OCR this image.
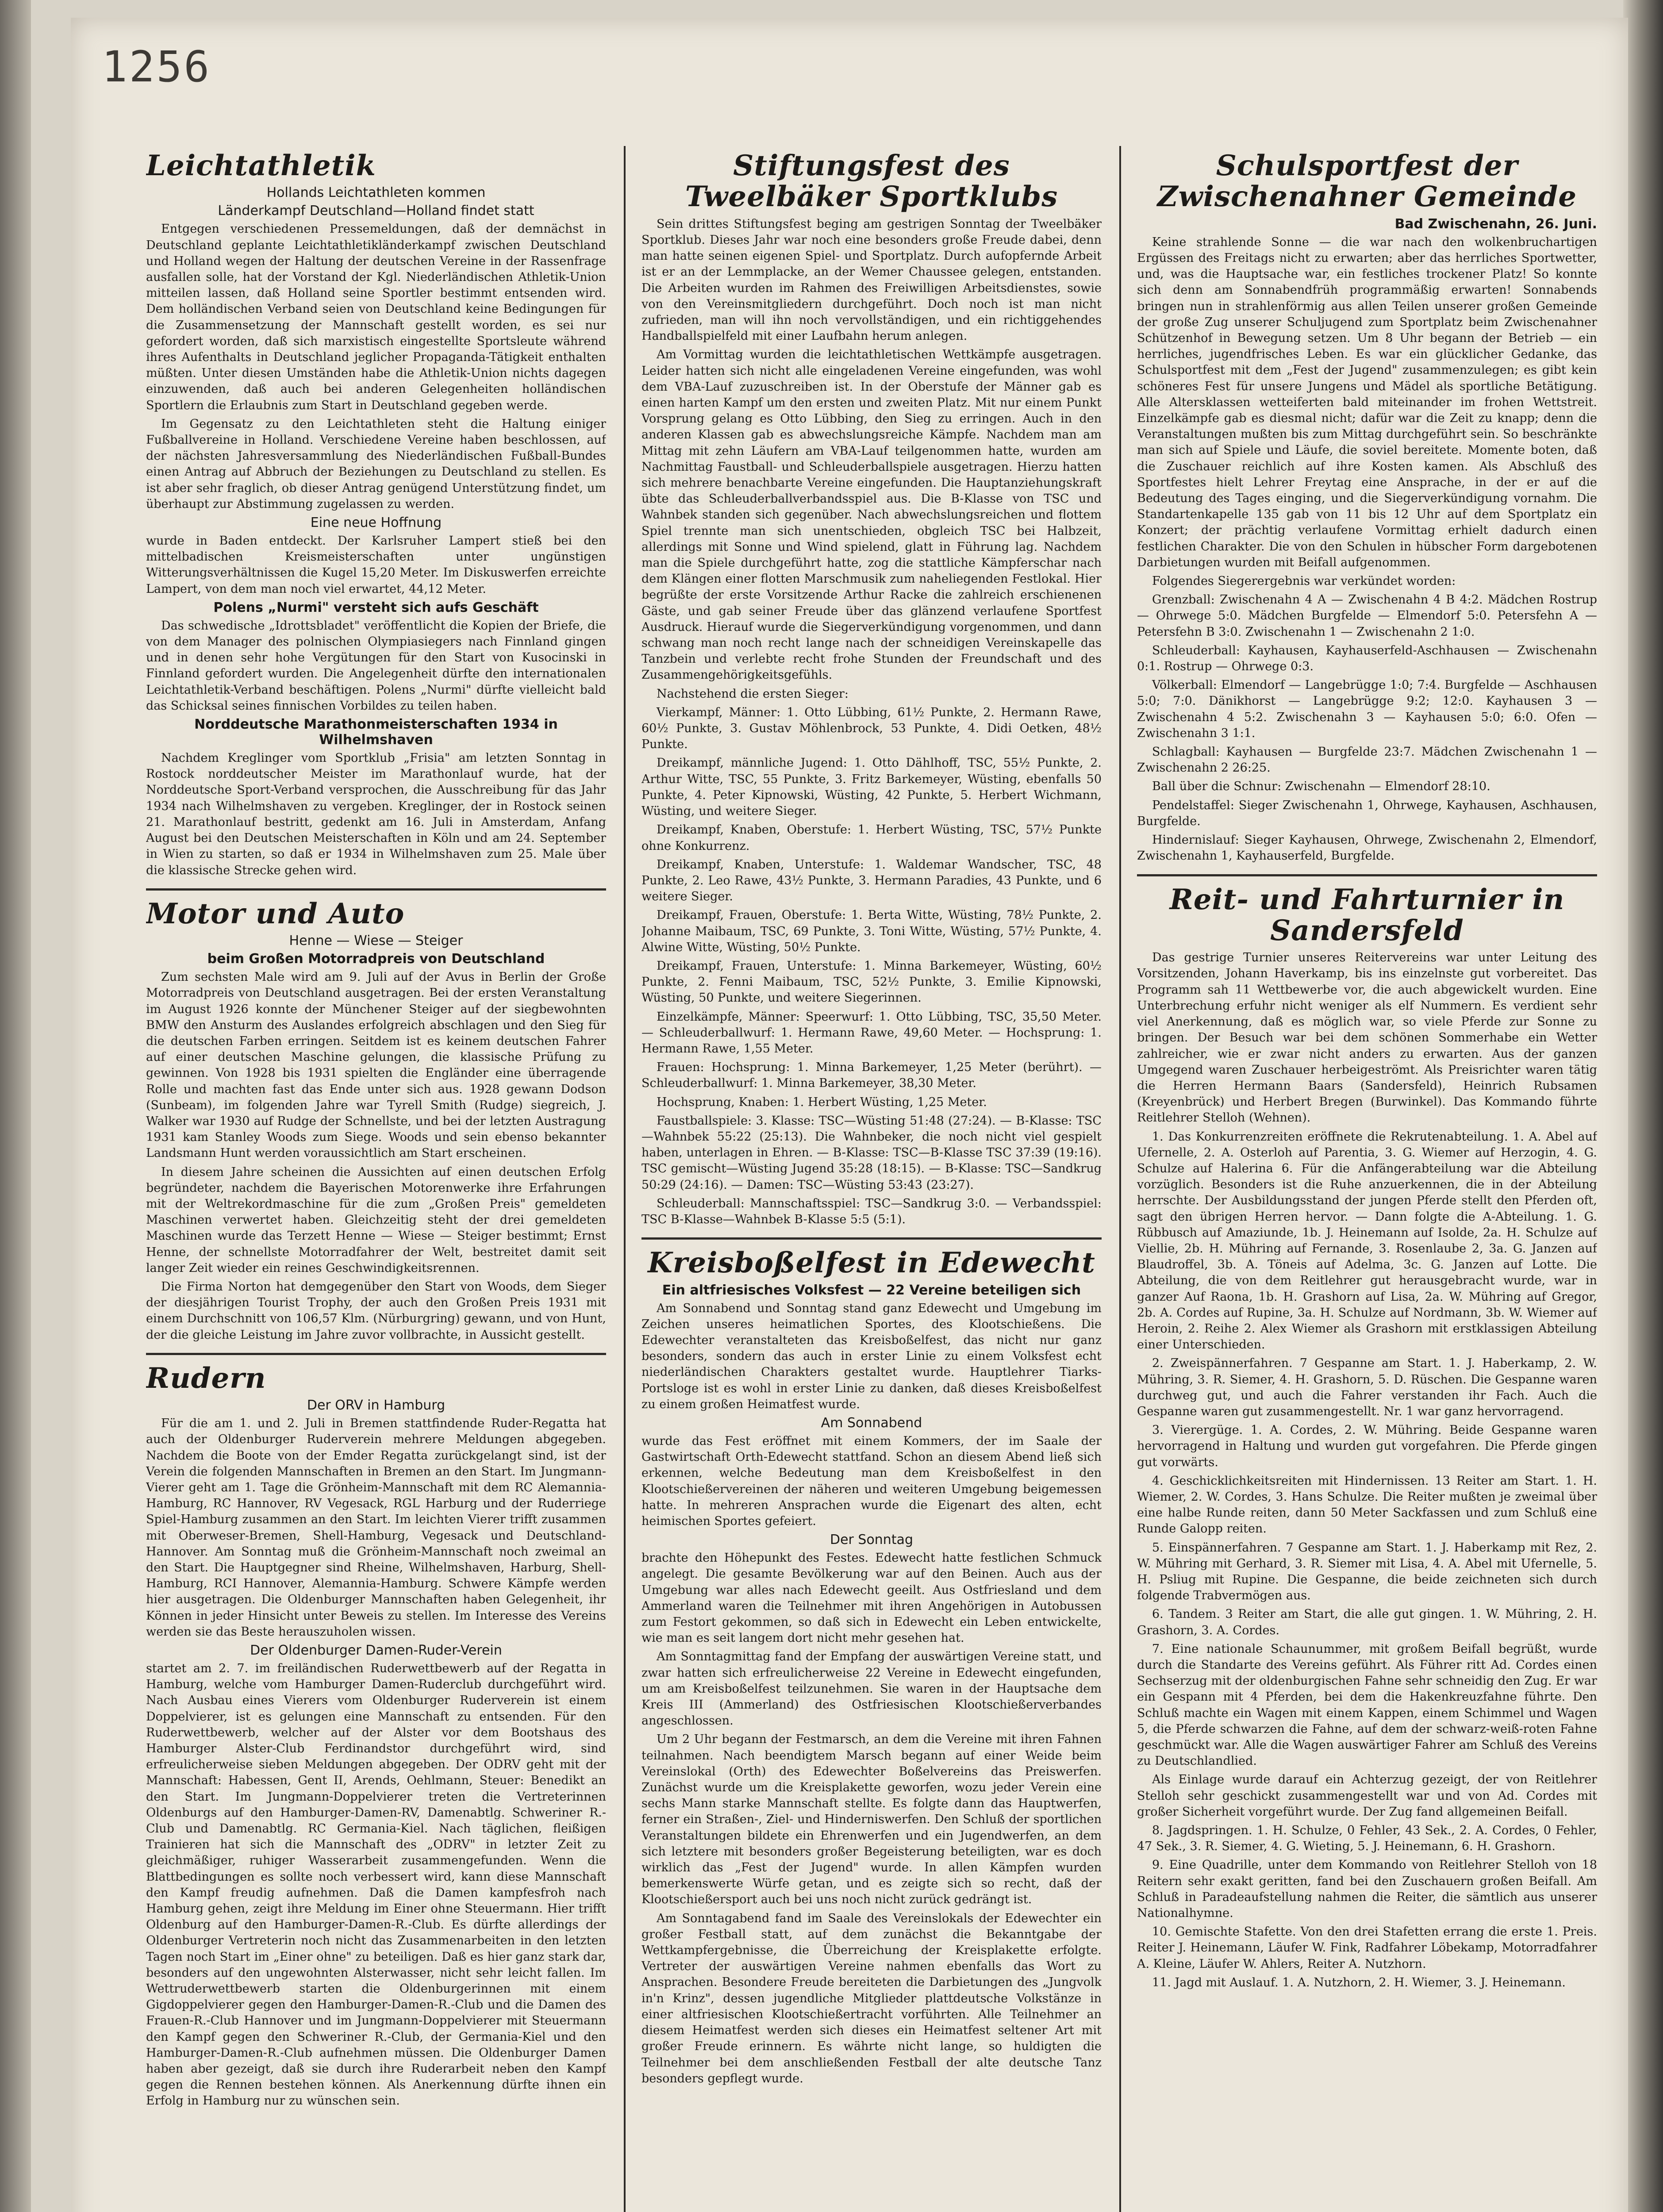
1256
Leichtathletik
Hollands Leichtathleten kommen
Länderkampf Deutschland—Holland findet statt

Entgegen verschiedenen Pressemeldungen, daß der demnächst in Deutschland geplante Leichtathletikländerkampf zwischen Deutschland und Holland wegen der Haltung der deutschen Vereine in der Rassenfrage ausfallen solle, hat der Vorstand der Kgl. Niederländischen Athletik-Union mitteilen lassen, daß Holland seine Sportler bestimmt entsenden wird. Dem holländischen Verband seien von Deutschland keine Bedingungen für die Zusammensetzung der Mannschaft gestellt worden, es sei nur gefordert worden, daß sich marxistisch eingestellte Sportsleute während ihres Aufenthalts in Deutschland jeglicher Propaganda-Tätigkeit enthalten müßten. Unter diesen Umständen habe die Athletik-Union nichts dagegen einzuwenden, daß auch bei anderen Gelegenheiten holländischen Sportlern die Erlaubnis zum Start in Deutschland gegeben werde.

Im Gegensatz zu den Leichtathleten steht die Haltung einiger Fußballvereine in Holland. Verschiedene Vereine haben beschlossen, auf der nächsten Jahresversammlung des Niederländischen Fußball-Bundes einen Antrag auf Abbruch der Beziehungen zu Deutschland zu stellen. Es ist aber sehr fraglich, ob dieser Antrag genügend Unterstützung findet, um überhaupt zur Abstimmung zugelassen zu werden.

Eine neue Hoffnung

wurde in Baden entdeckt. Der Karlsruher Lampert stieß bei den mittelbadischen Kreismeisterschaften unter ungünstigen Witterungsverhältnissen die Kugel 15,20 Meter. Im Diskuswerfen erreichte Lampert, von dem man noch viel erwartet, 44,12 Meter.

Polens „Nurmi" versteht sich aufs Geschäft

Das schwedische „Idrottsbladet" veröffentlicht die Kopien der Briefe, die von dem Manager des polnischen Olympiasiegers nach Finnland gingen und in denen sehr hohe Vergütungen für den Start von Kusocinski in Finnland gefordert wurden. Die Angelegenheit dürfte den internationalen Leichtathletik-Verband beschäftigen. Polens „Nurmi" dürfte vielleicht bald das Schicksal seines finnischen Vorbildes zu teilen haben.

Norddeutsche Marathonmeisterschaften 1934 in Wilhelmshaven

Nachdem Kreglinger vom Sportklub „Frisia" am letzten Sonntag in Rostock norddeutscher Meister im Marathonlauf wurde, hat der Norddeutsche Sport-Verband versprochen, die Ausschreibung für das Jahr 1934 nach Wilhelmshaven zu vergeben. Kreglinger, der in Rostock seinen 21. Marathonlauf bestritt, gedenkt am 16. Juli in Amsterdam, Anfang August bei den Deutschen Meisterschaften in Köln und am 24. September in Wien zu starten, so daß er 1934 in Wilhelmshaven zum 25. Male über die klassische Strecke gehen wird.

Motor und Auto
Henne — Wiese — Steiger
beim Großen Motorradpreis von Deutschland

Zum sechsten Male wird am 9. Juli auf der Avus in Berlin der Große Motorradpreis von Deutschland ausgetragen. Bei der ersten Veranstaltung im August 1926 konnte der Münchener Steiger auf der siegbewohnten BMW den Ansturm des Auslandes erfolgreich abschlagen und den Sieg für die deutschen Farben erringen. Seitdem ist es keinem deutschen Fahrer auf einer deutschen Maschine gelungen, die klassische Prüfung zu gewinnen. Von 1928 bis 1931 spielten die Engländer eine überragende Rolle und machten fast das Ende unter sich aus. 1928 gewann Dodson (Sunbeam), im folgenden Jahre war Tyrell Smith (Rudge) siegreich, J. Walker war 1930 auf Rudge der Schnellste, und bei der letzten Austragung 1931 kam Stanley Woods zum Siege. Woods und sein ebenso bekannter Landsmann Hunt werden voraussichtlich am Start erscheinen.

In diesem Jahre scheinen die Aussichten auf einen deutschen Erfolg begründeter, nachdem die Bayerischen Motorenwerke ihre Erfahrungen mit der Weltrekordmaschine für die zum „Großen Preis" gemeldeten Maschinen verwertet haben. Gleichzeitig steht der drei gemeldeten Maschinen wurde das Terzett Henne — Wiese — Steiger bestimmt; Ernst Henne, der schnellste Motorradfahrer der Welt, bestreitet damit seit langer Zeit wieder ein reines Geschwindigkeitsrennen.

Die Firma Norton hat demgegenüber den Start von Woods, dem Sieger der diesjährigen Tourist Trophy, der auch den Großen Preis 1931 mit einem Durchschnitt von 106,57 Klm. (Nürburgring) gewann, und von Hunt, der die gleiche Leistung im Jahre zuvor vollbrachte, in Aussicht gestellt.

Rudern
Der ORV in Hamburg

Für die am 1. und 2. Juli in Bremen stattfindende Ruder-Regatta hat auch der Oldenburger Ruderverein mehrere Meldungen abgegeben. Nachdem die Boote von der Emder Regatta zurückgelangt sind, ist der Verein die folgenden Mannschaften in Bremen an den Start. Im Jungmann-Vierer geht am 1. Tage die Grönheim-Mannschaft mit dem RC Alemannia-Hamburg, RC Hannover, RV Vegesack, RGL Harburg und der Ruderriege Spiel-Hamburg zusammen an den Start. Im leichten Vierer trifft zusammen mit Oberweser-Bremen, Shell-Hamburg, Vegesack und Deutschland-Hannover. Am Sonntag muß die Grönheim-Mannschaft noch zweimal an den Start. Die Hauptgegner sind Rheine, Wilhelmshaven, Harburg, Shell-Hamburg, RCI Hannover, Alemannia-Hamburg. Schwere Kämpfe werden hier ausgetragen. Die Oldenburger Mannschaften haben Gelegenheit, ihr Können in jeder Hinsicht unter Beweis zu stellen. Im Interesse des Vereins werden sie das Beste herauszuholen wissen.

Der Oldenburger Damen-Ruder-Verein

startet am 2. 7. im freiländischen Ruderwettbewerb auf der Regatta in Hamburg, welche vom Hamburger Damen-Ruderclub durchgeführt wird. Nach Ausbau eines Vierers vom Oldenburger Ruderverein ist einem Doppelvierer, ist es gelungen eine Mannschaft zu entsenden. Für den Ruderwettbewerb, welcher auf der Alster vor dem Bootshaus des Hamburger Alster-Club Ferdinandstor durchgeführt wird, sind erfreulicherweise sieben Meldungen abgegeben. Der ODRV geht mit der Mannschaft: Habessen, Gent II, Arends, Oehlmann, Steuer: Benedikt an den Start. Im Jungmann-Doppelvierer treten die Vertreterinnen Oldenburgs auf den Hamburger-Damen-RV, Damenabtlg. Schweriner R.-Club und Damenabtlg. RC Germania-Kiel. Nach täglichen, fleißigen Trainieren hat sich die Mannschaft des „ODRV" in letzter Zeit zu gleichmäßiger, ruhiger Wasserarbeit zusammengefunden. Wenn die Blattbedingungen es sollte noch verbessert wird, kann diese Mannschaft den Kampf freudig aufnehmen. Daß die Damen kampfesfroh nach Hamburg gehen, zeigt ihre Meldung im Einer ohne Steuermann. Hier trifft Oldenburg auf den Hamburger-Damen-R.-Club. Es dürfte allerdings der Oldenburger Vertreterin noch nicht das Zusammenarbeiten in den letzten Tagen noch Start im „Einer ohne" zu beteiligen. Daß es hier ganz stark dar, besonders auf den ungewohnten Alsterwasser, nicht sehr leicht fallen. Im Wettruderwettbewerb starten die Oldenburgerinnen mit einem Gigdoppelvierer gegen den Hamburger-Damen-R.-Club und die Damen des Frauen-R.-Club Hannover und im Jungmann-Doppelvierer mit Steuermann den Kampf gegen den Schweriner R.-Club, der Germania-Kiel und den Hamburger-Damen-R.-Club aufnehmen müssen. Die Oldenburger Damen haben aber gezeigt, daß sie durch ihre Ruderarbeit neben den Kampf gegen die Rennen bestehen können. Als Anerkennung dürfte ihnen ein Erfolg in Hamburg nur zu wünschen sein.

Stiftungsfest des Tweelbäker Sportklubs

Sein drittes Stiftungsfest beging am gestrigen Sonntag der Tweelbäker Sportklub. Dieses Jahr war noch eine besonders große Freude dabei, denn man hatte seinen eigenen Spiel- und Sportplatz. Durch aufopfernde Arbeit ist er an der Lemmplacke, an der Wemer Chaussee gelegen, entstanden. Die Arbeiten wurden im Rahmen des Freiwilligen Arbeitsdienstes, sowie von den Vereinsmitgliedern durchgeführt. Doch noch ist man nicht zufrieden, man will ihn noch vervollständigen, und ein richtiggehendes Handballspielfeld mit einer Laufbahn herum anlegen.

Am Vormittag wurden die leichtathletischen Wettkämpfe ausgetragen. Leider hatten sich nicht alle eingeladenen Vereine eingefunden, was wohl dem VBA-Lauf zuzuschreiben ist. In der Oberstufe der Männer gab es einen harten Kampf um den ersten und zweiten Platz. Mit nur einem Punkt Vorsprung gelang es Otto Lübbing, den Sieg zu erringen. Auch in den anderen Klassen gab es abwechslungsreiche Kämpfe. Nachdem man am Mittag mit zehn Läufern am VBA-Lauf teilgenommen hatte, wurden am Nachmittag Faustball- und Schleuderballspiele ausgetragen. Hierzu hatten sich mehrere benachbarte Vereine eingefunden. Die Hauptanziehungskraft übte das Schleuderballverbandsspiel aus. Die B-Klasse von TSC und Wahnbek standen sich gegenüber. Nach abwechslungsreichen und flottem Spiel trennte man sich unentschieden, obgleich TSC bei Halbzeit, allerdings mit Sonne und Wind spielend, glatt in Führung lag. Nachdem man die Spiele durchgeführt hatte, zog die stattliche Kämpferschar nach dem Klängen einer flotten Marschmusik zum naheliegenden Festlokal. Hier begrüßte der erste Vorsitzende Arthur Racke die zahlreich erschienenen Gäste, und gab seiner Freude über das glänzend verlaufene Sportfest Ausdruck. Hierauf wurde die Siegerverkündigung vorgenommen, und dann schwang man noch recht lange nach der schneidigen Vereinskapelle das Tanzbein und verlebte recht frohe Stunden der Freundschaft und des Zusammengehörigkeitsgefühls.

Nachstehend die ersten Sieger:

Vierkampf, Männer: 1. Otto Lübbing, 61½ Punkte, 2. Hermann Rawe, 60½ Punkte, 3. Gustav Möhlenbrock, 53 Punkte, 4. Didi Oetken, 48½ Punkte.

Dreikampf, männliche Jugend: 1. Otto Dählhoff, TSC, 55½ Punkte, 2. Arthur Witte, TSC, 55 Punkte, 3. Fritz Barkemeyer, Wüsting, ebenfalls 50 Punkte, 4. Peter Kipnowski, Wüsting, 42 Punkte, 5. Herbert Wichmann, Wüsting, und weitere Sieger.

Dreikampf, Knaben, Oberstufe: 1. Herbert Wüsting, TSC, 57½ Punkte ohne Konkurrenz.

Dreikampf, Knaben, Unterstufe: 1. Waldemar Wandscher, TSC, 48 Punkte, 2. Leo Rawe, 43½ Punkte, 3. Hermann Paradies, 43 Punkte, und 6 weitere Sieger.

Dreikampf, Frauen, Oberstufe: 1. Berta Witte, Wüsting, 78½ Punkte, 2. Johanne Maibaum, TSC, 69 Punkte, 3. Toni Witte, Wüsting, 57½ Punkte, 4. Alwine Witte, Wüsting, 50½ Punkte.

Dreikampf, Frauen, Unterstufe: 1. Minna Barkemeyer, Wüsting, 60½ Punkte, 2. Fenni Maibaum, TSC, 52½ Punkte, 3. Emilie Kipnowski, Wüsting, 50 Punkte, und weitere Siegerinnen.

Einzelkämpfe, Männer: Speerwurf: 1. Otto Lübbing, TSC, 35,50 Meter. — Schleuderballwurf: 1. Hermann Rawe, 49,60 Meter. — Hochsprung: 1. Hermann Rawe, 1,55 Meter.

Frauen: Hochsprung: 1. Minna Barkemeyer, 1,25 Meter (berührt). — Schleuderballwurf: 1. Minna Barkemeyer, 38,30 Meter.

Hochsprung, Knaben: 1. Herbert Wüsting, 1,25 Meter.

Faustballspiele: 3. Klasse: TSC—Wüsting 51:48 (27:24). — B-Klasse: TSC—Wahnbek 55:22 (25:13). Die Wahnbeker, die noch nicht viel gespielt haben, unterlagen in Ehren. — B-Klasse: TSC—B-Klasse TSC 37:39 (19:16). TSC gemischt—Wüsting Jugend 35:28 (18:15). — B-Klasse: TSC—Sandkrug 50:29 (24:16). — Damen: TSC—Wüsting 53:43 (23:27).

Schleuderball: Mannschaftsspiel: TSC—Sandkrug 3:0. — Verbandsspiel: TSC B-Klasse—Wahnbek B-Klasse 5:5 (5:1).

Kreisboßelfest in Edewecht
Ein altfriesisches Volksfest — 22 Vereine beteiligen sich

Am Sonnabend und Sonntag stand ganz Edewecht und Umgebung im Zeichen unseres heimatlichen Sportes, des Klootschießens. Die Edewechter veranstalteten das Kreisboßelfest, das nicht nur ganz besonders, sondern das auch in erster Linie zu einem Volksfest echt niederländischen Charakters gestaltet wurde. Hauptlehrer Tiarks-Portsloge ist es wohl in erster Linie zu danken, daß dieses Kreisboßelfest zu einem großen Heimatfest wurde.

Am Sonnabend

wurde das Fest eröffnet mit einem Kommers, der im Saale der Gastwirtschaft Orth-Edewecht stattfand. Schon an diesem Abend ließ sich erkennen, welche Bedeutung man dem Kreisboßelfest in den Klootschießervereinen der näheren und weiteren Umgebung beigemessen hatte. In mehreren Ansprachen wurde die Eigenart des alten, echt heimischen Sportes gefeiert.

Der Sonntag

brachte den Höhepunkt des Festes. Edewecht hatte festlichen Schmuck angelegt. Die gesamte Bevölkerung war auf den Beinen. Auch aus der Umgebung war alles nach Edewecht geeilt. Aus Ostfriesland und dem Ammerland waren die Teilnehmer mit ihren Angehörigen in Autobussen zum Festort gekommen, so daß sich in Edewecht ein Leben entwickelte, wie man es seit langem dort nicht mehr gesehen hat.

Am Sonntagmittag fand der Empfang der auswärtigen Vereine statt, und zwar hatten sich erfreulicherweise 22 Vereine in Edewecht eingefunden, um am Kreisboßelfest teilzunehmen. Sie waren in der Hauptsache dem Kreis III (Ammerland) des Ostfriesischen Klootschießerverbandes angeschlossen.

Um 2 Uhr begann der Festmarsch, an dem die Vereine mit ihren Fahnen teilnahmen. Nach beendigtem Marsch begann auf einer Weide beim Vereinslokal (Orth) des Edewechter Boßelvereins das Preiswerfen. Zunächst wurde um die Kreisplakette geworfen, wozu jeder Verein eine sechs Mann starke Mannschaft stellte. Es folgte dann das Hauptwerfen, ferner ein Straßen-, Ziel- und Hinderniswerfen. Den Schluß der sportlichen Veranstaltungen bildete ein Ehrenwerfen und ein Jugendwerfen, an dem sich letztere mit besonders großer Begeisterung beteiligten, war es doch wirklich das „Fest der Jugend" wurde. In allen Kämpfen wurden bemerkenswerte Würfe getan, und es zeigte sich so recht, daß der Klootschießersport auch bei uns noch nicht zurück gedrängt ist.

Am Sonntagabend fand im Saale des Vereinslokals der Edewechter ein großer Festball statt, auf dem zunächst die Bekanntgabe der Wettkampfergebnisse, die Überreichung der Kreisplakette erfolgte. Vertreter der auswärtigen Vereine nahmen ebenfalls das Wort zu Ansprachen. Besondere Freude bereiteten die Darbietungen des „Jungvolk in'n Krinz", dessen jugendliche Mitglieder plattdeutsche Volkstänze in einer altfriesischen Klootschießertracht vorführten. Alle Teilnehmer an diesem Heimatfest werden sich dieses ein Heimatfest seltener Art mit großer Freude erinnern. Es währte nicht lange, so huldigten die Teilnehmer bei dem anschließenden Festball der alte deutsche Tanz besonders gepflegt wurde.

Schulsportfest der Zwischenahner Gemeinde
Bad Zwischenahn, 26. Juni.

Keine strahlende Sonne — die war nach den wolkenbruchartigen Ergüssen des Freitags nicht zu erwarten; aber das herrliches Sportwetter, und, was die Hauptsache war, ein festliches trockener Platz! So konnte sich denn am Sonnabendfrüh programmäßig erwarten! Sonnabends bringen nun in strahlenförmig aus allen Teilen unserer großen Gemeinde der große Zug unserer Schuljugend zum Sportplatz beim Zwischenahner Schützenhof in Bewegung setzen. Um 8 Uhr begann der Betrieb — ein herrliches, jugendfrisches Leben. Es war ein glücklicher Gedanke, das Schulsportfest mit dem „Fest der Jugend" zusammenzulegen; es gibt kein schöneres Fest für unsere Jungens und Mädel als sportliche Betätigung. Alle Altersklassen wetteiferten bald miteinander im frohen Wettstreit. Einzelkämpfe gab es diesmal nicht; dafür war die Zeit zu knapp; denn die Veranstaltungen mußten bis zum Mittag durchgeführt sein. So beschränkte man sich auf Spiele und Läufe, die soviel bereitete. Momente boten, daß die Zuschauer reichlich auf ihre Kosten kamen. Als Abschluß des Sportfestes hielt Lehrer Freytag eine Ansprache, in der er auf die Bedeutung des Tages einging, und die Siegerverkündigung vornahm. Die Standartenkapelle 135 gab von 11 bis 12 Uhr auf dem Sportplatz ein Konzert; der prächtig verlaufene Vormittag erhielt dadurch einen festlichen Charakter. Die von den Schulen in hübscher Form dargebotenen Darbietungen wurden mit Beifall aufgenommen.

Folgendes Siegerergebnis war verkündet worden:

Grenzball: Zwischenahn 4 A — Zwischenahn 4 B 4:2. Mädchen Rostrup — Ohrwege 5:0. Mädchen Burgfelde — Elmendorf 5:0. Petersfehn A — Petersfehn B 3:0. Zwischenahn 1 — Zwischenahn 2 1:0.

Schleuderball: Kayhausen, Kayhauserfeld-Aschhausen — Zwischenahn 0:1. Rostrup — Ohrwege 0:3.

Völkerball: Elmendorf — Langebrügge 1:0; 7:4. Burgfelde — Aschhausen 5:0; 7:0. Dänikhorst — Langebrügge 9:2; 12:0. Kayhausen 3 — Zwischenahn 4 5:2. Zwischenahn 3 — Kayhausen 5:0; 6:0. Ofen — Zwischenahn 3 1:1.

Schlagball: Kayhausen — Burgfelde 23:7. Mädchen Zwischenahn 1 — Zwischenahn 2 26:25.

Ball über die Schnur: Zwischenahn — Elmendorf 28:10.

Pendelstaffel: Sieger Zwischenahn 1, Ohrwege, Kayhausen, Aschhausen, Burgfelde.

Hindernislauf: Sieger Kayhausen, Ohrwege, Zwischenahn 2, Elmendorf, Zwischenahn 1, Kayhauserfeld, Burgfelde.

Reit- und Fahrturnier in Sandersfeld

Das gestrige Turnier unseres Reitervereins war unter Leitung des Vorsitzenden, Johann Haverkamp, bis ins einzelnste gut vorbereitet. Das Programm sah 11 Wettbewerbe vor, die auch abgewickelt wurden. Eine Unterbrechung erfuhr nicht weniger als elf Nummern. Es verdient sehr viel Anerkennung, daß es möglich war, so viele Pferde zur Sonne zu bringen. Der Besuch war bei dem schönen Sommerhabe ein Wetter zahlreicher, wie er zwar nicht anders zu erwarten. Aus der ganzen Umgegend waren Zuschauer herbeigeströmt. Als Preisrichter waren tätig die Herren Hermann Baars (Sandersfeld), Heinrich Rubsamen (Kreyenbrück) und Herbert Bregen (Burwinkel). Das Kommando führte Reitlehrer Stelloh (Wehnen).

1. Das Konkurrenzreiten eröffnete die Rekrutenabteilung. 1. A. Abel auf Ufernelle, 2. A. Osterloh auf Parentia, 3. G. Wiemer auf Herzogin, 4. G. Schulze auf Halerina 6. Für die Anfängerabteilung war die Abteilung vorzüglich. Besonders ist die Ruhe anzuerkennen, die in der Abteilung herrschte. Der Ausbildungsstand der jungen Pferde stellt den Pferden oft, sagt den übrigen Herren hervor. — Dann folgte die A-Abteilung. 1. G. Rübbusch auf Amaziunde, 1b. J. Heinemann auf Isolde, 2a. H. Schulze auf Viellie, 2b. H. Mühring auf Fernande, 3. Rosenlaube 2, 3a. G. Janzen auf Blaudroffel, 3b. A. Töneis auf Adelma, 3c. G. Janzen auf Lotte. Die Abteilung, die von dem Reitlehrer gut herausgebracht wurde, war in ganzer Auf Raona, 1b. H. Grashorn auf Lisa, 2a. W. Mühring auf Gregor, 2b. A. Cordes auf Rupine, 3a. H. Schulze auf Nordmann, 3b. W. Wiemer auf Heroin, 2. Reihe 2. Alex Wiemer als Grashorn mit erstklassigen Abteilung einer Unterschieden.

2. Zweispännerfahren. 7 Gespanne am Start. 1. J. Haberkamp, 2. W. Mühring, 3. R. Siemer, 4. H. Grashorn, 5. D. Rüschen. Die Gespanne waren durchweg gut, und auch die Fahrer verstanden ihr Fach. Auch die Gespanne waren gut zusammengestellt. Nr. 1 war ganz hervorragend.

3. Vierergüge. 1. A. Cordes, 2. W. Mühring. Beide Gespanne waren hervorragend in Haltung und wurden gut vorgefahren. Die Pferde gingen gut vorwärts.

4. Geschicklichkeitsreiten mit Hindernissen. 13 Reiter am Start. 1. H. Wiemer, 2. W. Cordes, 3. Hans Schulze. Die Reiter mußten je zweimal über eine halbe Runde reiten, dann 50 Meter Sackfassen und zum Schluß eine Runde Galopp reiten.

5. Einspännerfahren. 7 Gespanne am Start. 1. J. Haberkamp mit Rez, 2. W. Mühring mit Gerhard, 3. R. Siemer mit Lisa, 4. A. Abel mit Ufernelle, 5. H. Psliug mit Rupine. Die Gespanne, die beide zeichneten sich durch folgende Trabvermögen aus.

6. Tandem. 3 Reiter am Start, die alle gut gingen. 1. W. Mühring, 2. H. Grashorn, 3. A. Cordes.

7. Eine nationale Schaunummer, mit großem Beifall begrüßt, wurde durch die Standarte des Vereins geführt. Als Führer ritt Ad. Cordes einen Sechserzug mit der oldenburgischen Fahne sehr schneidig den Zug. Er war ein Gespann mit 4 Pferden, bei dem die Hakenkreuzfahne führte. Den Schluß machte ein Wagen mit einem Kappen, einem Schimmel und Wagen 5, die Pferde schwarzen die Fahne, auf dem der schwarz-weiß-roten Fahne geschmückt war. Alle die Wagen auswärtiger Fahrer am Schluß des Vereins zu Deutschlandlied.

Als Einlage wurde darauf ein Achterzug gezeigt, der von Reitlehrer Stelloh sehr geschickt zusammengestellt war und von Ad. Cordes mit großer Sicherheit vorgeführt wurde. Der Zug fand allgemeinen Beifall.

8. Jagdspringen. 1. H. Schulze, 0 Fehler, 43 Sek., 2. A. Cordes, 0 Fehler, 47 Sek., 3. R. Siemer, 4. G. Wieting, 5. J. Heinemann, 6. H. Grashorn.

9. Eine Quadrille, unter dem Kommando von Reitlehrer Stelloh von 18 Reitern sehr exakt geritten, fand bei den Zuschauern großen Beifall. Am Schluß in Paradeaufstellung nahmen die Reiter, die sämtlich aus unserer Nationalhymne.

10. Gemischte Stafette. Von den drei Stafetten errang die erste 1. Preis. Reiter J. Heinemann, Läufer W. Fink, Radfahrer Löbekamp, Motorradfahrer A. Kleine, Läufer W. Ahlers, Reiter A. Nutzhorn.

11. Jagd mit Auslauf. 1. A. Nutzhorn, 2. H. Wiemer, 3. J. Heinemann.
